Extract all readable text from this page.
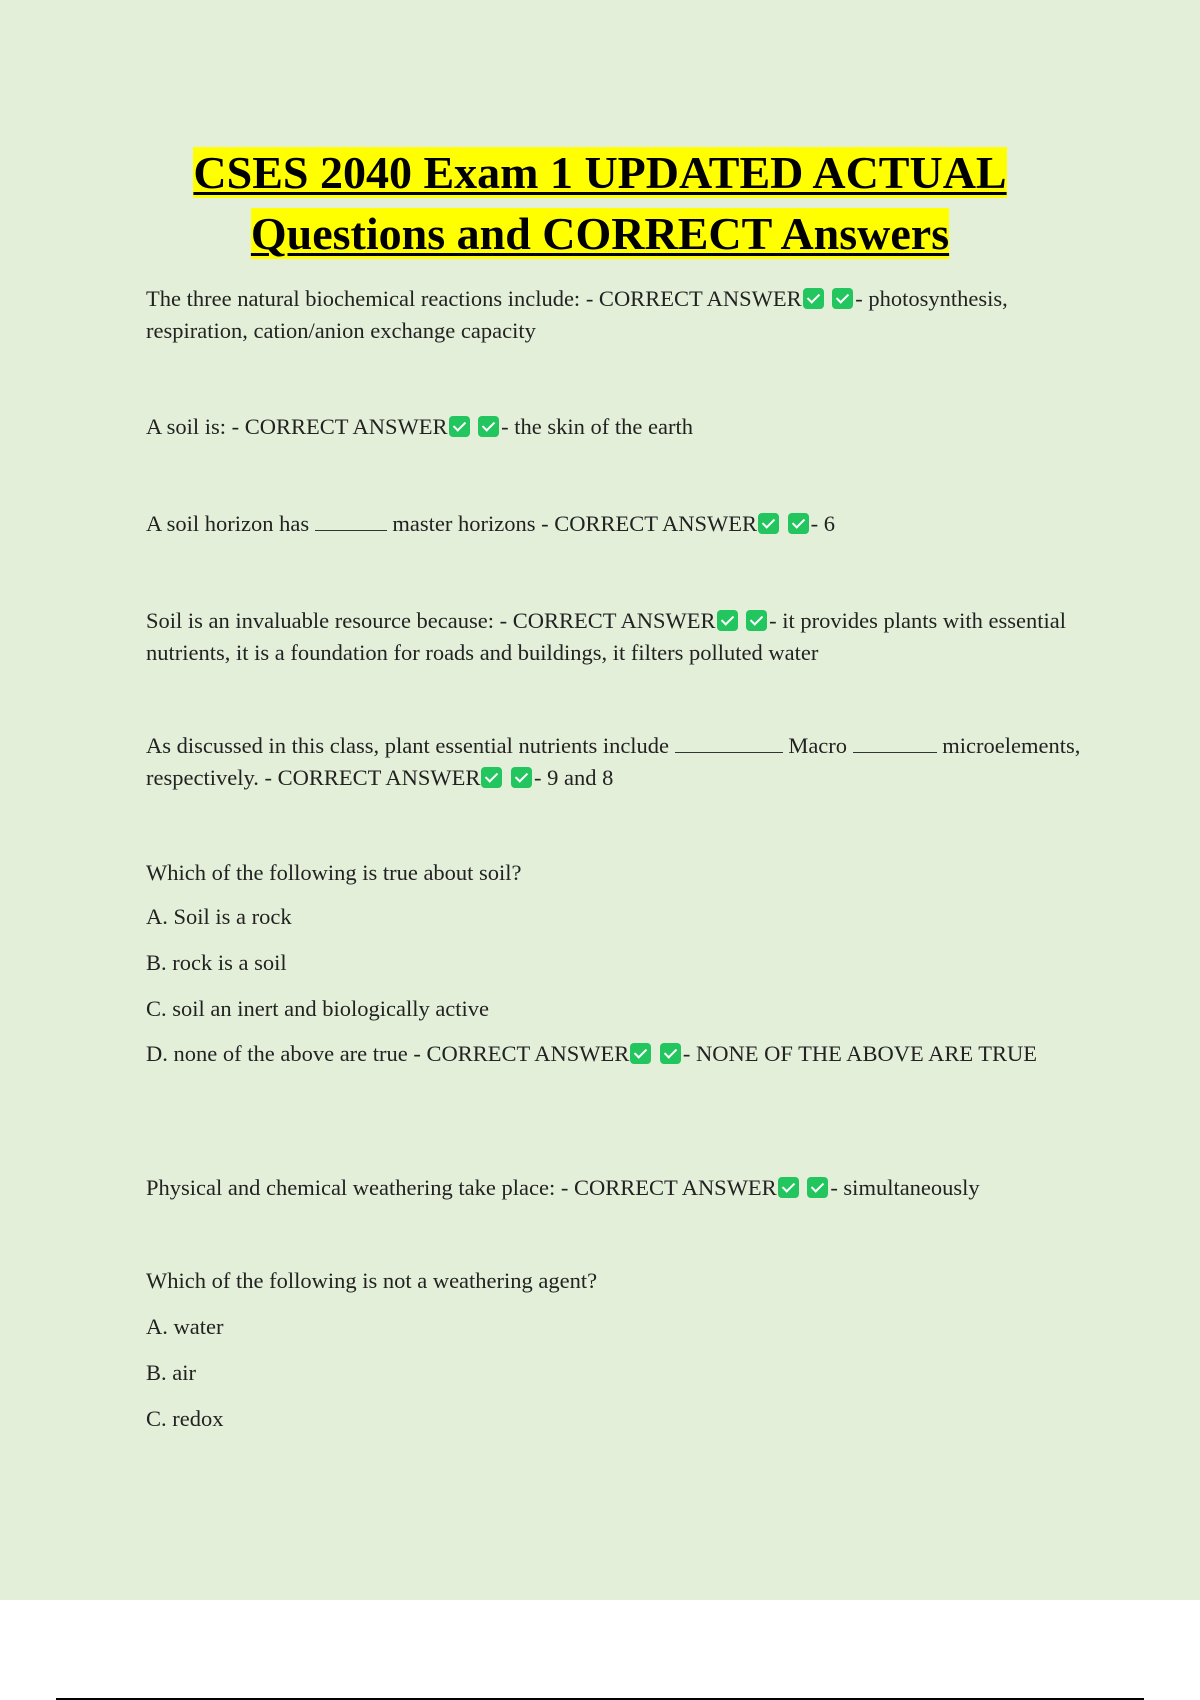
CSES 2040 Exam 1 UPDATED ACTUAL
Questions and CORRECT Answers
The three natural biochemical reactions include: - CORRECT ANSWER - photosynthesis, respiration, cation/anion exchange capacity
A soil is: - CORRECT ANSWER - the skin of the earth
A soil horizon has	master horizons - CORRECT ANSWER - 6
Soil is an invaluable resource because: - CORRECT ANSWER - it provides plants with essential nutrients, it is a foundation for roads and buildings, it filters polluted water
As discussed in this class, plant essential nutrients include	Macro	microelements, respectively. - CORRECT ANSWER - 9 and 8
Which of the following is true about soil?
A. Soil is a rock
B. rock is a soil
C. soil an inert and biologically active
D. none of the above are true - CORRECT ANSWER - NONE OF THE ABOVE ARE TRUE
Physical and chemical weathering take place: - CORRECT ANSWER - simultaneously
Which of the following is not a weathering agent?
A. water
B. air
C. redox
